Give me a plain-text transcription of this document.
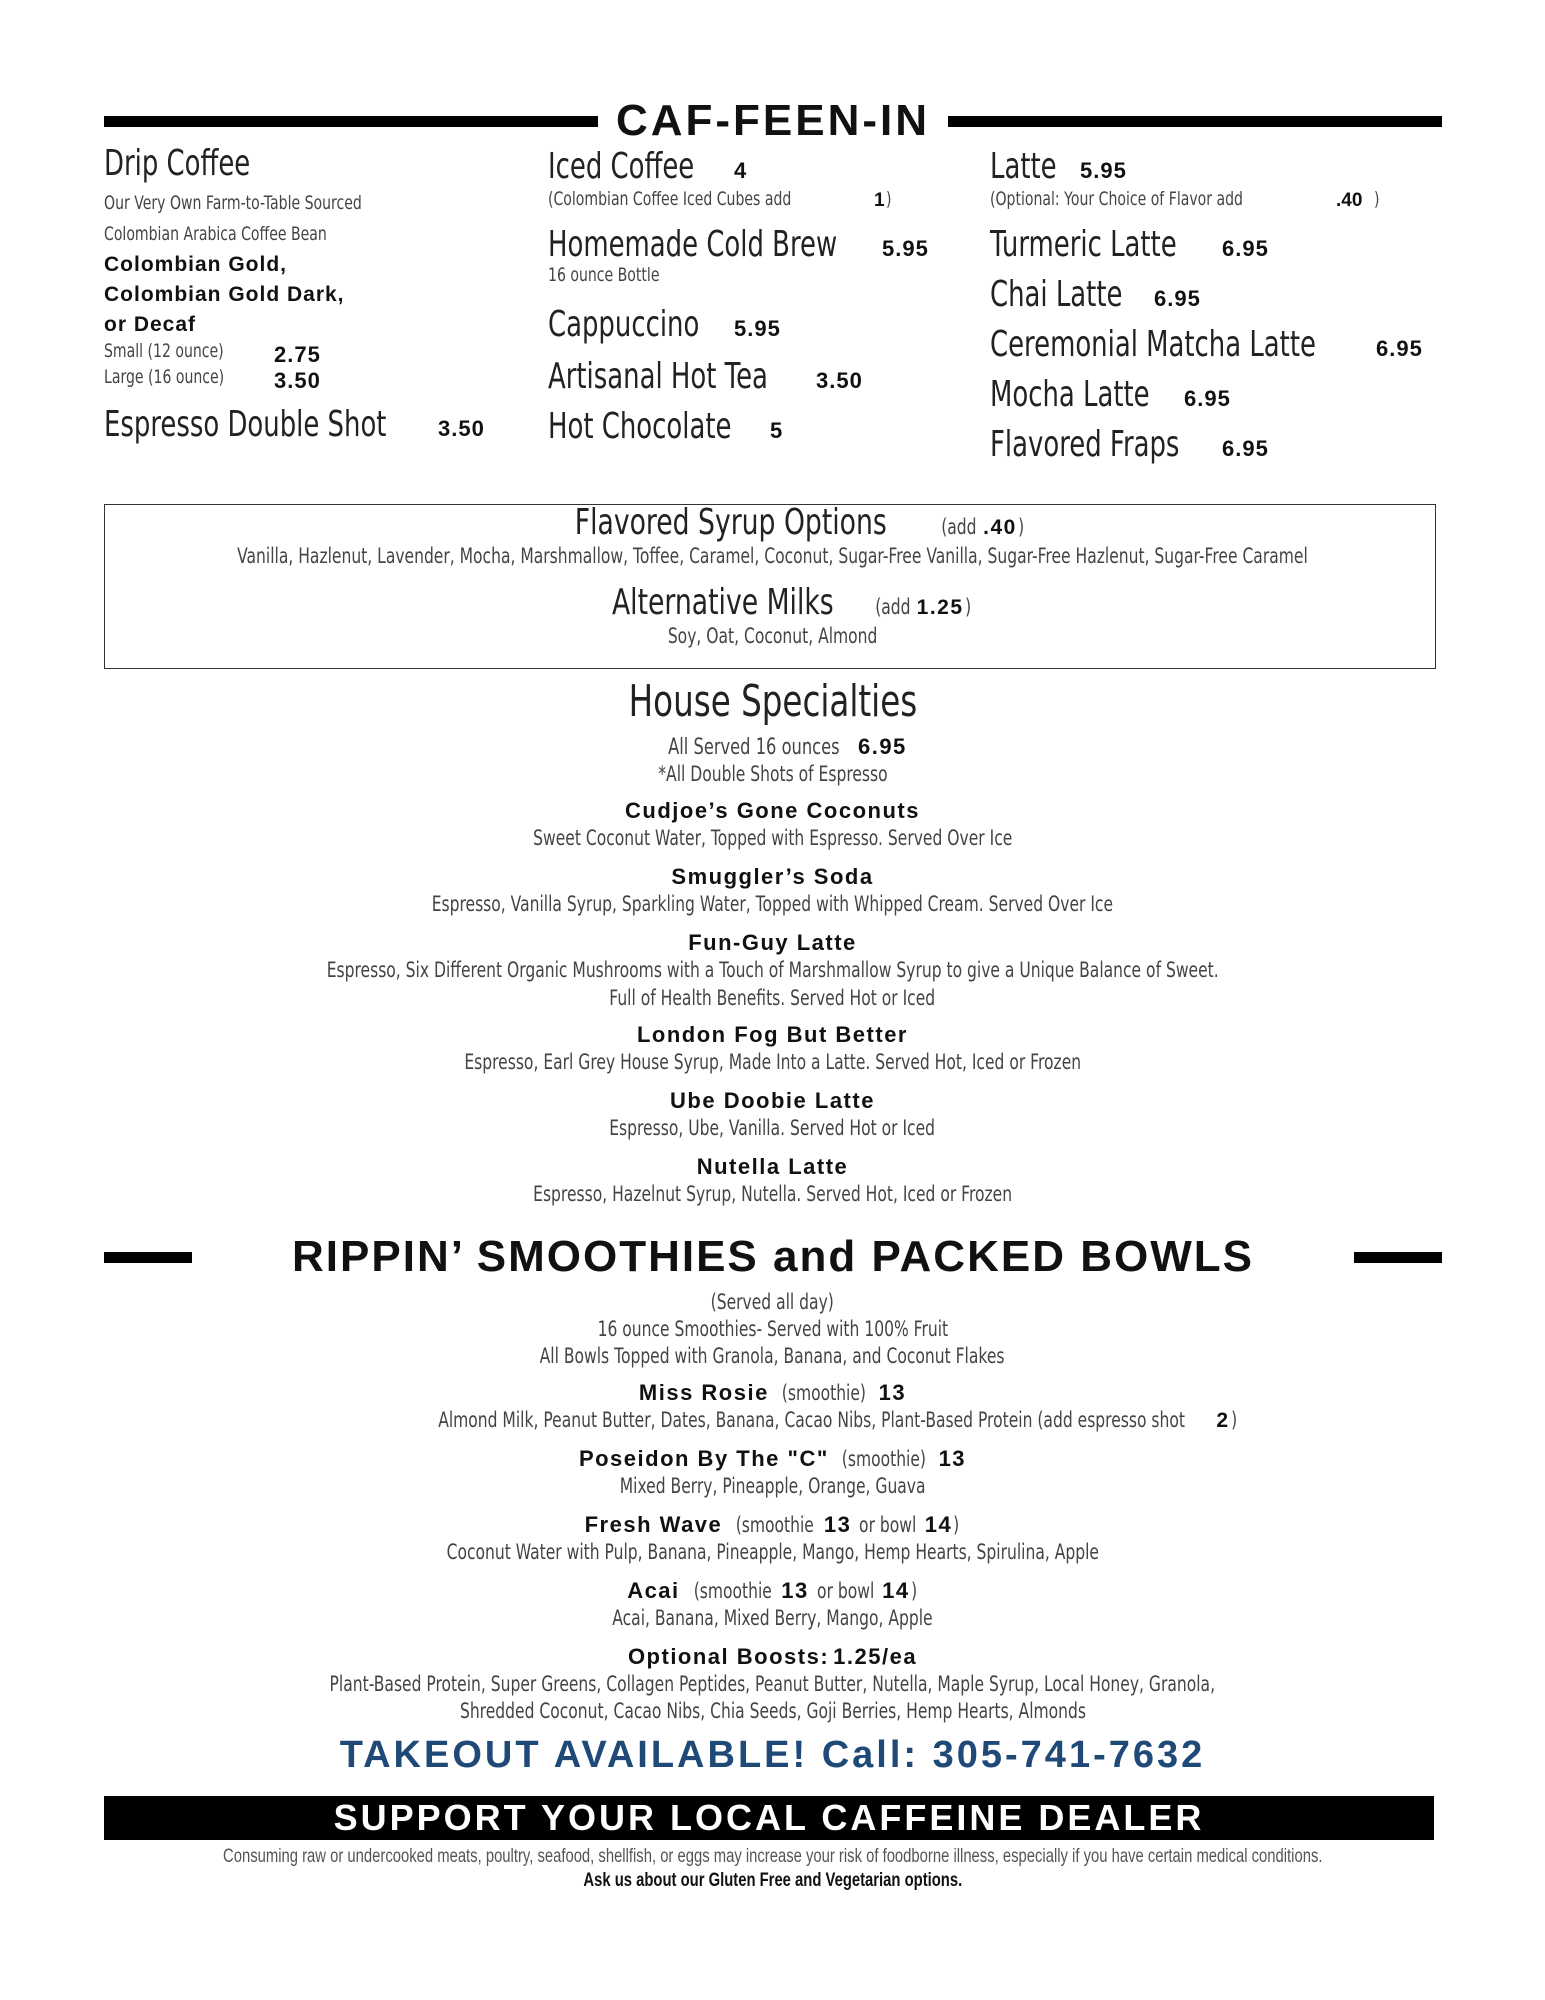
CAF-FEEN-IN
Drip Coffee
Our Very Own Farm-to-Table Sourced
Colombian Arabica Coffee Bean
Colombian Gold,
Colombian Gold Dark,
or Decaf
Small (12 ounce) 2.75
Large (16 ounce) 3.50
Espresso Double Shot 3.50
Iced Coffee 4
(Colombian Coffee Iced Cubes add	1 )
Homemade Cold Brew 5.95
16 ounce Bottle
Cappuccino 5.95
Artisanal Hot Tea 3.50
Hot Chocolate 5
Latte 5.95
(Optional: Your Choice of Flavor add	.40 )
Turmeric Latte 6.95
Chai Latte 6.95
Ceremonial Matcha Latte	6.95
Mocha Latte 6.95
Flavored Fraps 6.95
Flavored Syrup Options	(add .40)
Vanilla, Hazlenut, Lavender, Mocha, Marshmallow, Toffee, Caramel, Coconut, Sugar-Free Vanilla, Sugar-Free Hazlenut, Sugar-Free Caramel
Alternative Milks (add 1.25)
Soy, Oat, Coconut, Almond
House Specialties
All Served 16 ounces 6.95
*All Double Shots of Espresso
Cudjoe’s Gone Coconuts
Sweet Coconut Water, Topped with Espresso. Served Over Ice
Smuggler’s Soda
Espresso, Vanilla Syrup, Sparkling Water, Topped with Whipped Cream. Served Over Ice
Fun-Guy Latte
Espresso, Six Different Organic Mushrooms with a Touch of Marshmallow Syrup to give a Unique Balance of Sweet.
Full of Health Benefits. Served Hot or Iced
London Fog But Better
Espresso, Earl Grey House Syrup, Made Into a Latte. Served Hot, Iced or Frozen
Ube Doobie Latte
Espresso, Ube, Vanilla. Served Hot or Iced
Nutella Latte
Espresso, Hazelnut Syrup, Nutella. Served Hot, Iced or Frozen
RIPPIN’ SMOOTHIES and PACKED BOWLS
(Served all day)
16 ounce Smoothies- Served with 100% Fruit
All Bowls Topped with Granola, Banana, and Coconut Flakes
Miss Rosie (smoothie) 13
Almond Milk, Peanut Butter, Dates, Banana, Cacao Nibs, Plant-Based Protein (add espresso shot 2)
Poseidon By The "C" (smoothie) 13
Mixed Berry, Pineapple, Orange, Guava
Fresh Wave (smoothie 13 or bowl 14)
Coconut Water with Pulp, Banana, Pineapple, Mango, Hemp Hearts, Spirulina, Apple
Acai (smoothie 13 or bowl 14)
Acai, Banana, Mixed Berry, Mango, Apple
Optional Boosts: 1.25/ea
Plant-Based Protein, Super Greens, Collagen Peptides, Peanut Butter, Nutella, Maple Syrup, Local Honey, Granola,
Shredded Coconut, Cacao Nibs, Chia Seeds, Goji Berries, Hemp Hearts, Almonds
TAKEOUT AVAILABLE! Call: 305-741-7632
SUPPORT YOUR LOCAL CAFFEINE DEALER
Consuming raw or undercooked meats, poultry, seafood, shellfish, or eggs may increase your risk of foodborne illness, especially if you have certain medical conditions.
Ask us about our Gluten Free and Vegetarian options.
